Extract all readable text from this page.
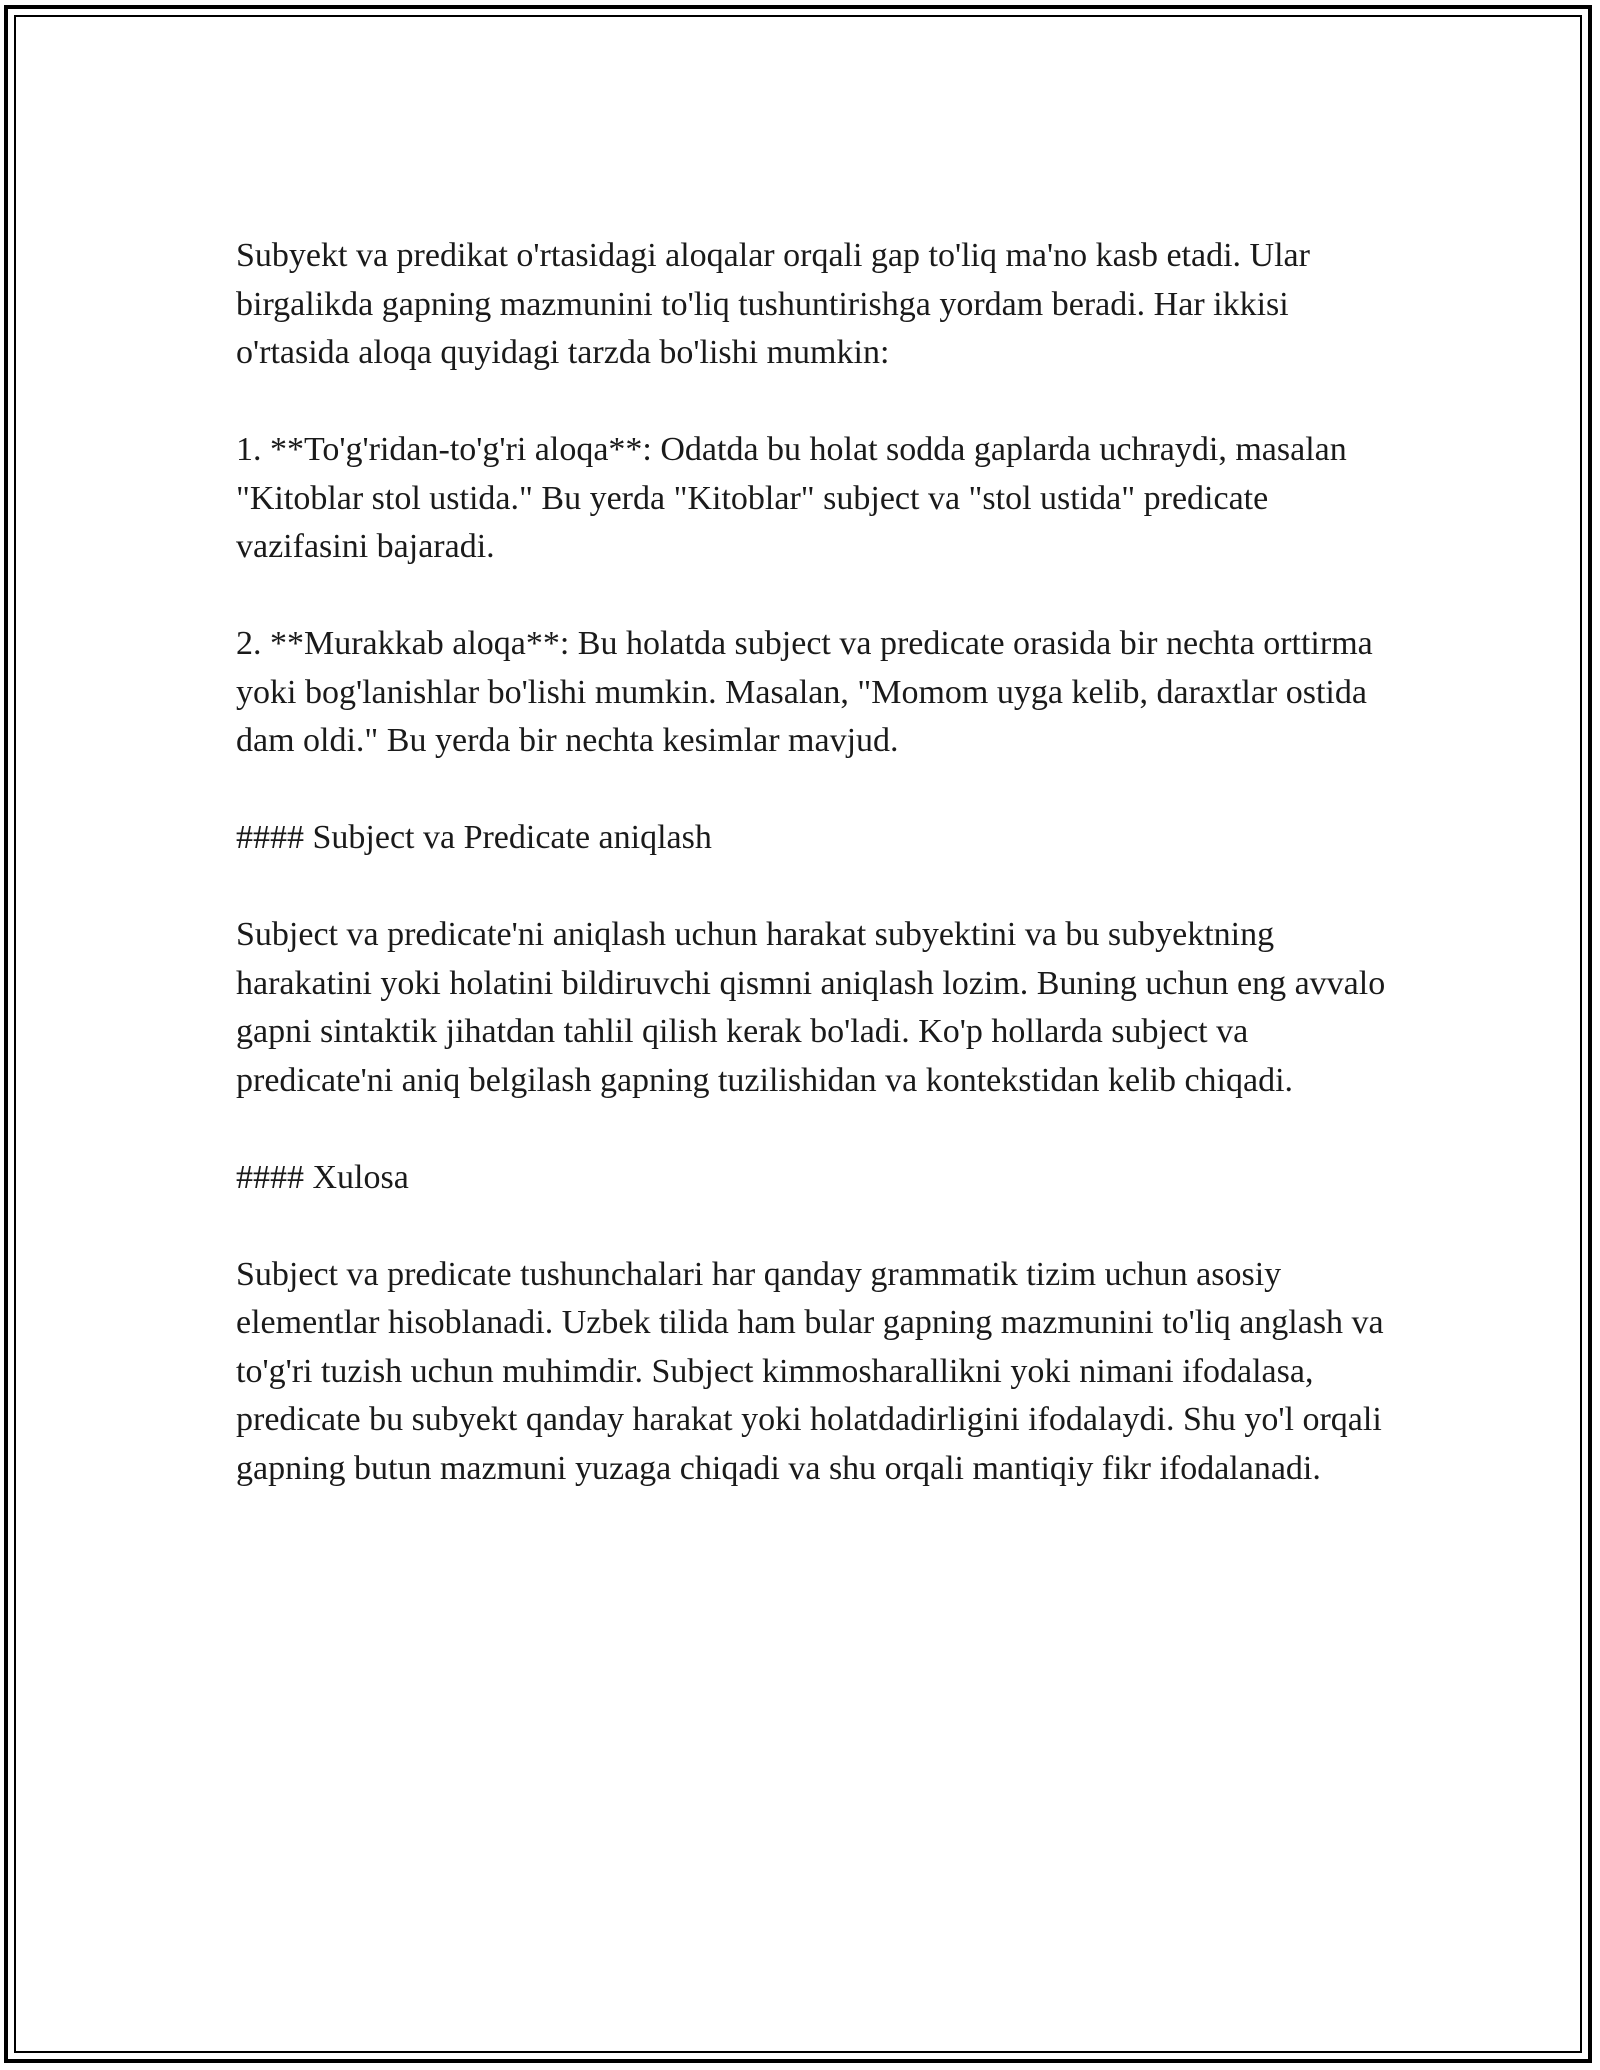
Subyekt va predikat o'rtasidagi aloqalar orqali gap to'liq ma'no kasb etadi. Ular birgalikda gapning mazmunini to'liq tushuntirishga yordam beradi. Har ikkisi o'rtasida aloqa quyidagi tarzda bo'lishi mumkin:

1. **To'g'ridan-to'g'ri aloqa**: Odatda bu holat sodda gaplarda uchraydi, masalan "Kitoblar stol ustida." Bu yerda "Kitoblar" subject va "stol ustida" predicate vazifasini bajaradi.

2. **Murakkab aloqa**: Bu holatda subject va predicate orasida bir nechta orttirma yoki bog'lanishlar bo'lishi mumkin. Masalan, "Momom uyga kelib, daraxtlar ostida dam oldi." Bu yerda bir nechta kesimlar mavjud.

#### Subject va Predicate aniqlash

Subject va predicate'ni aniqlash uchun harakat subyektini va bu subyektning harakatini yoki holatini bildiruvchi qismni aniqlash lozim. Buning uchun eng avvalo gapni sintaktik jihatdan tahlil qilish kerak bo'ladi. Ko'p hollarda subject va predicate'ni aniq belgilash gapning tuzilishidan va kontekstidan kelib chiqadi.

#### Xulosa

Subject va predicate tushunchalari har qanday grammatik tizim uchun asosiy elementlar hisoblanadi. Uzbek tilida ham bular gapning mazmunini to'liq anglash va to'g'ri tuzish uchun muhimdir. Subject kimmosharallikni yoki nimani ifodalasa, predicate bu subyekt qanday harakat yoki holatdadirligini ifodalaydi. Shu yo'l orqali gapning butun mazmuni yuzaga chiqadi va shu orqali mantiqiy fikr ifodalanadi.
